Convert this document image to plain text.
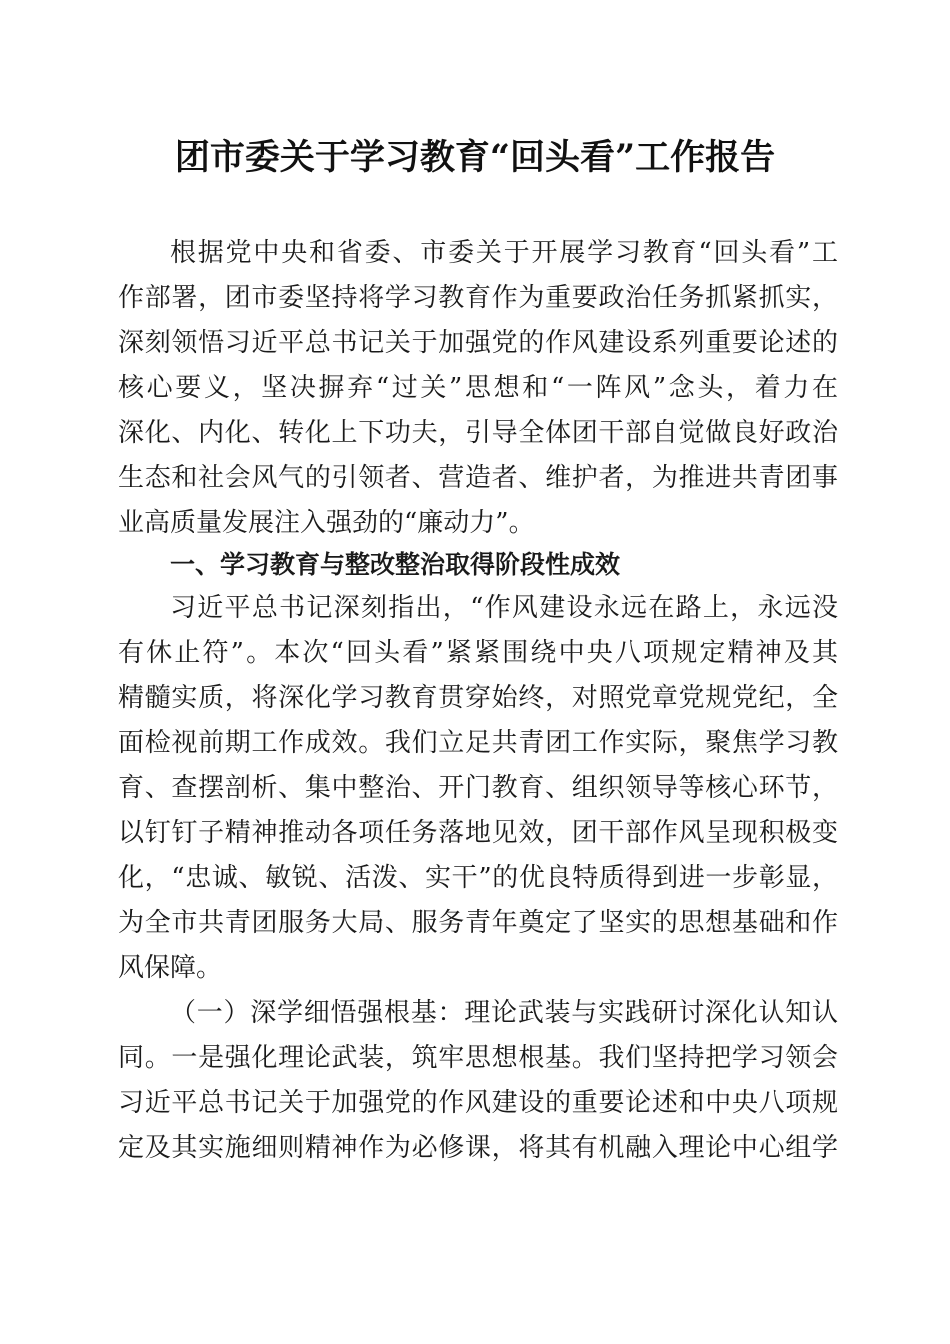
团市委关于学习教育“回头看”工作报告
根据党中央和省委、市委关于开展学习教育“回头看”工
作部署，团市委坚持将学习教育作为重要政治任务抓紧抓实，
深刻领悟习近平总书记关于加强党的作风建设系列重要论述的
核心要义，坚决摒弃“过关”思想和“一阵风”念头，着力在
深化、内化、转化上下功夫，引导全体团干部自觉做良好政治
生态和社会风气的引领者、营造者、维护者，为推进共青团事
业高质量发展注入强劲的“廉动力”。
一、学习教育与整改整治取得阶段性成效
习近平总书记深刻指出，“作风建设永远在路上，永远没
有休止符”。本次“回头看”紧紧围绕中央八项规定精神及其
精髓实质，将深化学习教育贯穿始终，对照党章党规党纪，全
面检视前期工作成效。我们立足共青团工作实际，聚焦学习教
育、查摆剖析、集中整治、开门教育、组织领导等核心环节，
以钉钉子精神推动各项任务落地见效，团干部作风呈现积极变
化，“忠诚、敏锐、活泼、实干”的优良特质得到进一步彰显，
为全市共青团服务大局、服务青年奠定了坚实的思想基础和作
风保障。
（一）深学细悟强根基：理论武装与实践研讨深化认知认
同。一是强化理论武装，筑牢思想根基。我们坚持把学习领会
习近平总书记关于加强党的作风建设的重要论述和中央八项规
定及其实施细则精神作为必修课，将其有机融入理论中心组学
